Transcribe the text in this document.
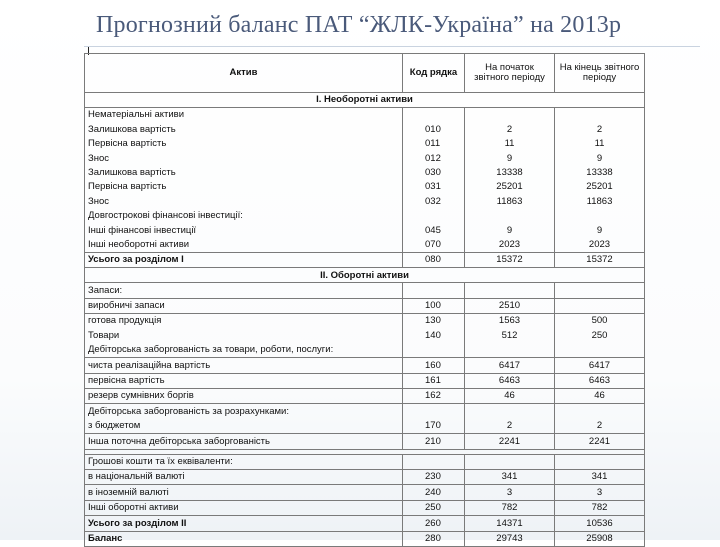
Прогнозний баланс ПАТ “ЖЛК-Україна” на 2013р
Актив	Код рядка	На початок звітного періоду	На кінець звітного періоду
І. Необоротні активи			
Нематеріальні активи			
Залишкова вартість	010	2	2
Первісна вартість	011	11	11
Знос	012	9	9
Залишкова вартість	030	13338	13338
Первісна вартість	031	25201	25201
Знос	032	11863	11863
Довгострокові фінансові інвестиції:			
Інші фінансові інвестиції	045	9	9
Інші необоротні активи	070	2023	2023
Усього за розділом І	080	15372	15372
ІІ. Оборотні активи			
Запаси:			
виробничі запаси	100	2510	
готова продукція	130	1563	500
Товари	140	512	250
Дебіторська заборгованість за товари, роботи, послуги:			
чиста реалізаційна вартість	160	6417	6417
первісна вартість	161	6463	6463
резерв сумнівних боргів	162	46	46
Дебіторська заборгованість за розрахунками:			
з бюджетом	170	2	2
Інша поточна дебіторська заборгованість	210	2241	2241

Грошові кошти та їх еквіваленти:			
в національній валюті	230	341	341
в іноземній валюті	240	3	3
Інші оборотні активи	250	782	782
Усього за розділом ІІ	260	14371	10536
Баланс	280	29743	25908
